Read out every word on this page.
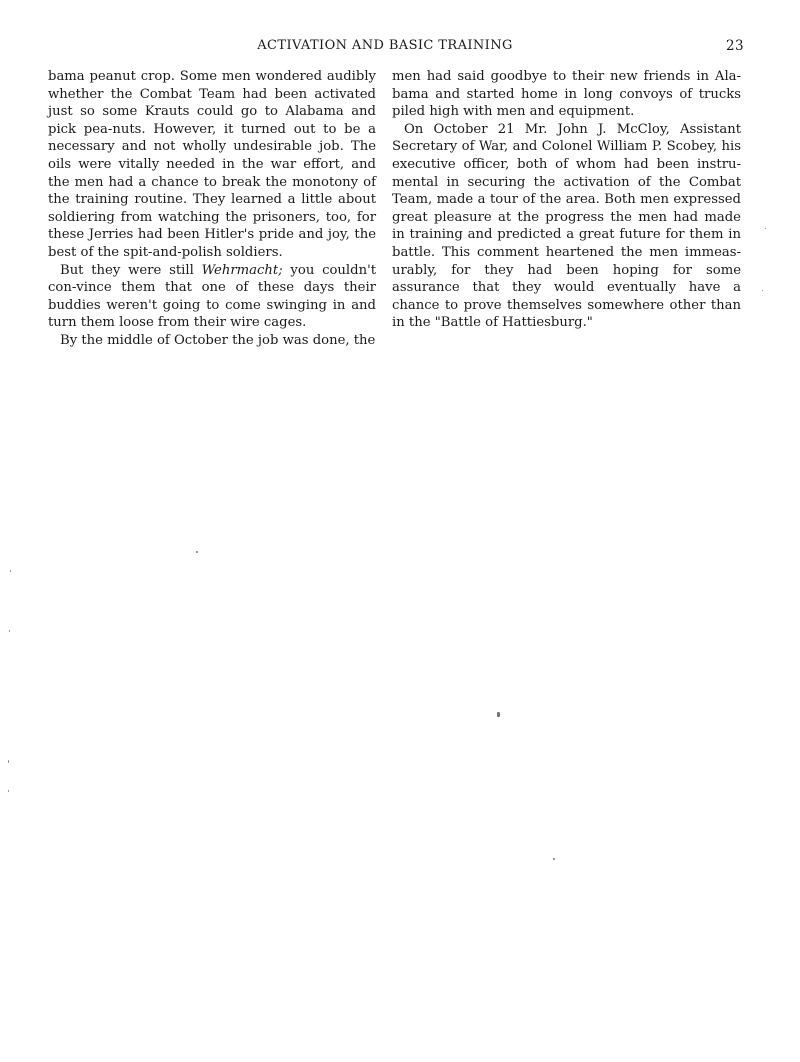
ACTIVATION AND BASIC TRAINING	23

bama peanut crop. Some men wondered audibly whether the Combat Team had been activated just so some Krauts could go to Alabama and pick pea-nuts. However, it turned out to be a necessary and not wholly undesirable job. The oils were vitally needed in the war effort, and the men had a chance to break the monotony of the training routine. They learned a little about soldiering from watching the prisoners, too, for these Jerries had been Hitler's pride and joy, the best of the spit-and-polish soldiers.

But they were still Wehrmacht; you couldn't con-vince them that one of these days their buddies weren't going to come swinging in and turn them loose from their wire cages.

By the middle of October the job was done, the

men had said goodbye to their new friends in Ala-bama and started home in long convoys of trucks piled high with men and equipment.

On October 21 Mr. John J. McCloy, Assistant Secretary of War, and Colonel William P. Scobey, his executive officer, both of whom had been instru-mental in securing the activation of the Combat Team, made a tour of the area. Both men expressed great pleasure at the progress the men had made in training and predicted a great future for them in battle. This comment heartened the men immeas-urably, for they had been hoping for some assurance that they would eventually have a chance to prove themselves somewhere other than in the "Battle of Hattiesburg."
